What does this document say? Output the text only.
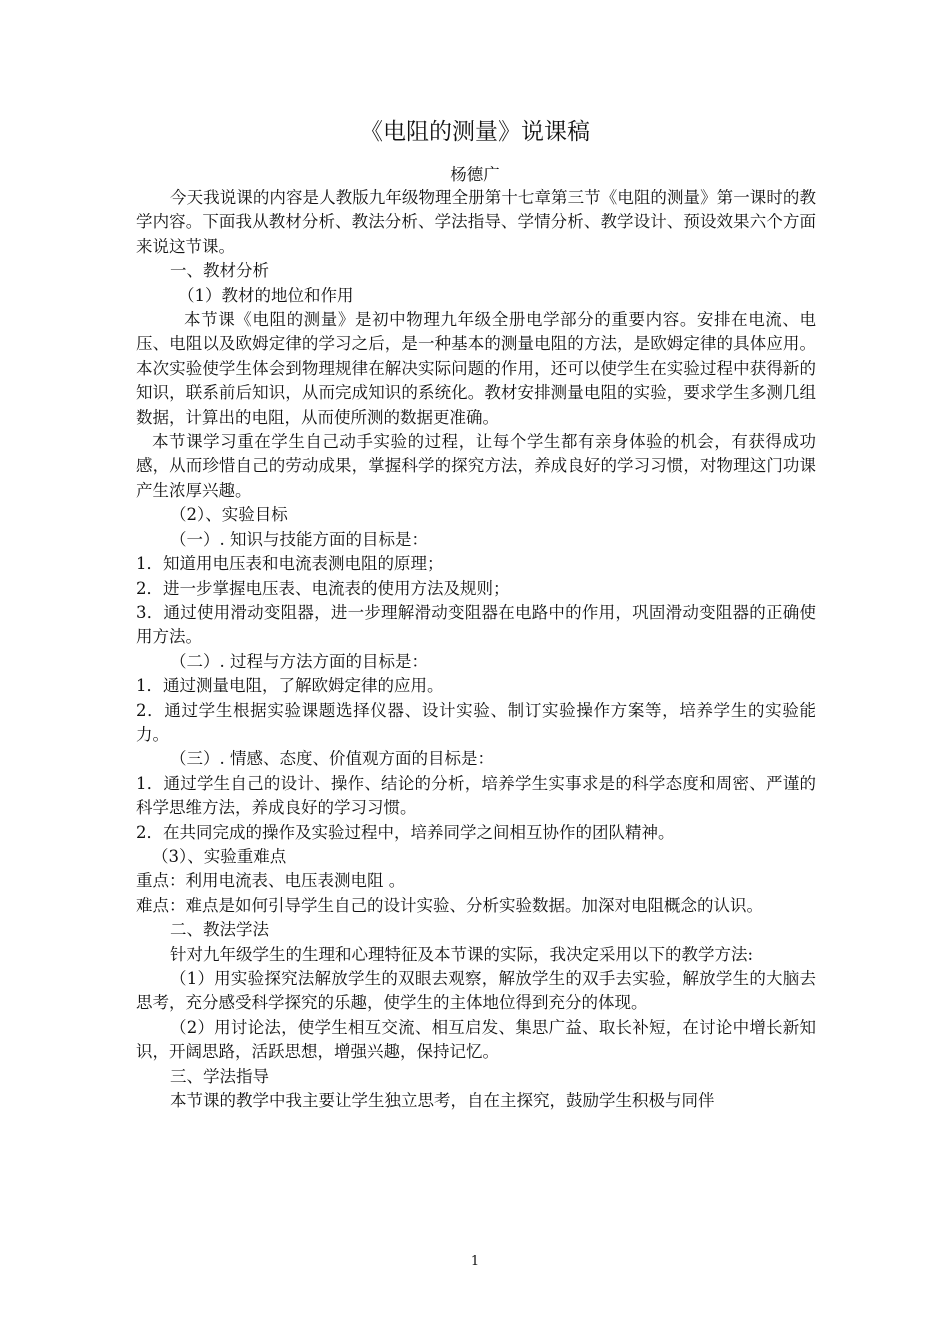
《电阻的测量》说课稿
杨德广

今天我说课的内容是人教版九年级物理全册第十七章第三节《电阻的测量》第一课时的教学内容。下面我从教材分析、教法分析、学法指导、学情分析、教学设计、预设效果六个方面来说这节课。

一、教材分析

（1）教材的地位和作用

本节课《电阻的测量》是初中物理九年级全册电学部分的重要内容。安排在电流、电压、电阻以及欧姆定律的学习之后，是一种基本的测量电阻的方法，是欧姆定律的具体应用。本次实验使学生体会到物理规律在解决实际问题的作用，还可以使学生在实验过程中获得新的知识，联系前后知识，从而完成知识的系统化。教材安排测量电阻的实验，要求学生多测几组数据，计算出的电阻，从而使所测的数据更准确。

本节课学习重在学生自己动手实验的过程，让每个学生都有亲身体验的机会，有获得成功感，从而珍惜自己的劳动成果，掌握科学的探究方法，养成良好的学习习惯，对物理这门功课产生浓厚兴趣。

（2）、实验目标

（一）. 知识与技能方面的目标是：

1．知道用电压表和电流表测电阻的原理；

2．进一步掌握电压表、电流表的使用方法及规则；

3．通过使用滑动变阻器，进一步理解滑动变阻器在电路中的作用，巩固滑动变阻器的正确使用方法。

（二）. 过程与方法方面的目标是：

1．通过测量电阻，了解欧姆定律的应用。

2．通过学生根据实验课题选择仪器、设计实验、制订实验操作方案等，培养学生的实验能力。

（三）. 情感、态度、价值观方面的目标是：

1．通过学生自己的设计、操作、结论的分析，培养学生实事求是的科学态度和周密、严谨的科学思维方法，养成良好的学习习惯。

2．在共同完成的操作及实验过程中，培养同学之间相互协作的团队精神。

（3）、实验重难点

重点：利用电流表、电压表测电阻 。

难点：难点是如何引导学生自己的设计实验、分析实验数据。加深对电阻概念的认识。

二、教法学法

针对九年级学生的生理和心理特征及本节课的实际，我决定采用以下的教学方法:

（1）用实验探究法解放学生的双眼去观察，解放学生的双手去实验，解放学生的大脑去思考，充分感受科学探究的乐趣，使学生的主体地位得到充分的体现。

（2）用讨论法，使学生相互交流、相互启发、集思广益、取长补短，在讨论中增长新知识，开阔思路，活跃思想，增强兴趣，保持记忆。

三、学法指导

本节课的教学中我主要让学生独立思考，自在主探究，鼓励学生积极与同伴

1
